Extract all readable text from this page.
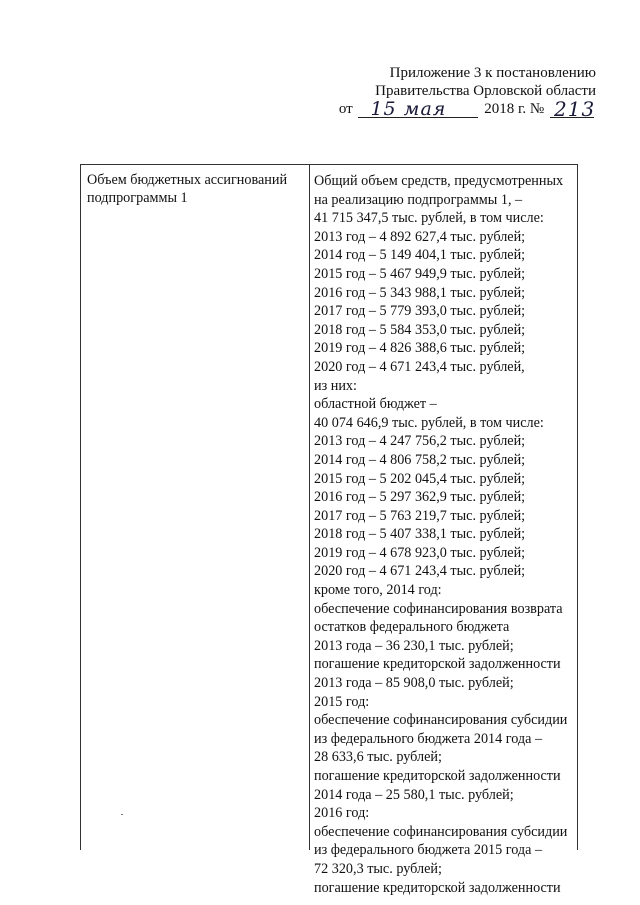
Приложение 3 к постановлению
Правительства Орловской области
от 15 мая	2018 г. № 213
Объем бюджетных ассигнований подпрограммы 1
Общий объем средств, предусмотренных
на реализацию подпрограммы 1, –
41 715 347,5 тыс. рублей, в том числе:
2013 год – 4 892 627,4 тыс. рублей;
2014 год – 5 149 404,1 тыс. рублей;
2015 год – 5 467 949,9 тыс. рублей;
2016 год – 5 343 988,1 тыс. рублей;
2017 год – 5 779 393,0 тыс. рублей;
2018 год – 5 584 353,0 тыс. рублей;
2019 год – 4 826 388,6 тыс. рублей;
2020 год – 4 671 243,4 тыс. рублей,
из них:
областной бюджет –
40 074 646,9 тыс. рублей, в том числе:
2013 год – 4 247 756,2 тыс. рублей;
2014 год – 4 806 758,2 тыс. рублей;
2015 год – 5 202 045,4 тыс. рублей;
2016 год – 5 297 362,9 тыс. рублей;
2017 год – 5 763 219,7 тыс. рублей;
2018 год – 5 407 338,1 тыс. рублей;
2019 год – 4 678 923,0 тыс. рублей;
2020 год – 4 671 243,4 тыс. рублей;
кроме того, 2014 год:
обеспечение софинансирования возврата
остатков федерального бюджета
2013 года – 36 230,1 тыс. рублей;
погашение кредиторской задолженности
2013 года – 85 908,0 тыс. рублей;
2015 год:
обеспечение софинансирования субсидии
из федерального бюджета 2014 года –
28 633,6 тыс. рублей;
погашение кредиторской задолженности
2014 года – 25 580,1 тыс. рублей;
2016 год:
обеспечение софинансирования субсидии
из федерального бюджета 2015 года –
72 320,3 тыс. рублей;
погашение кредиторской задолженности
